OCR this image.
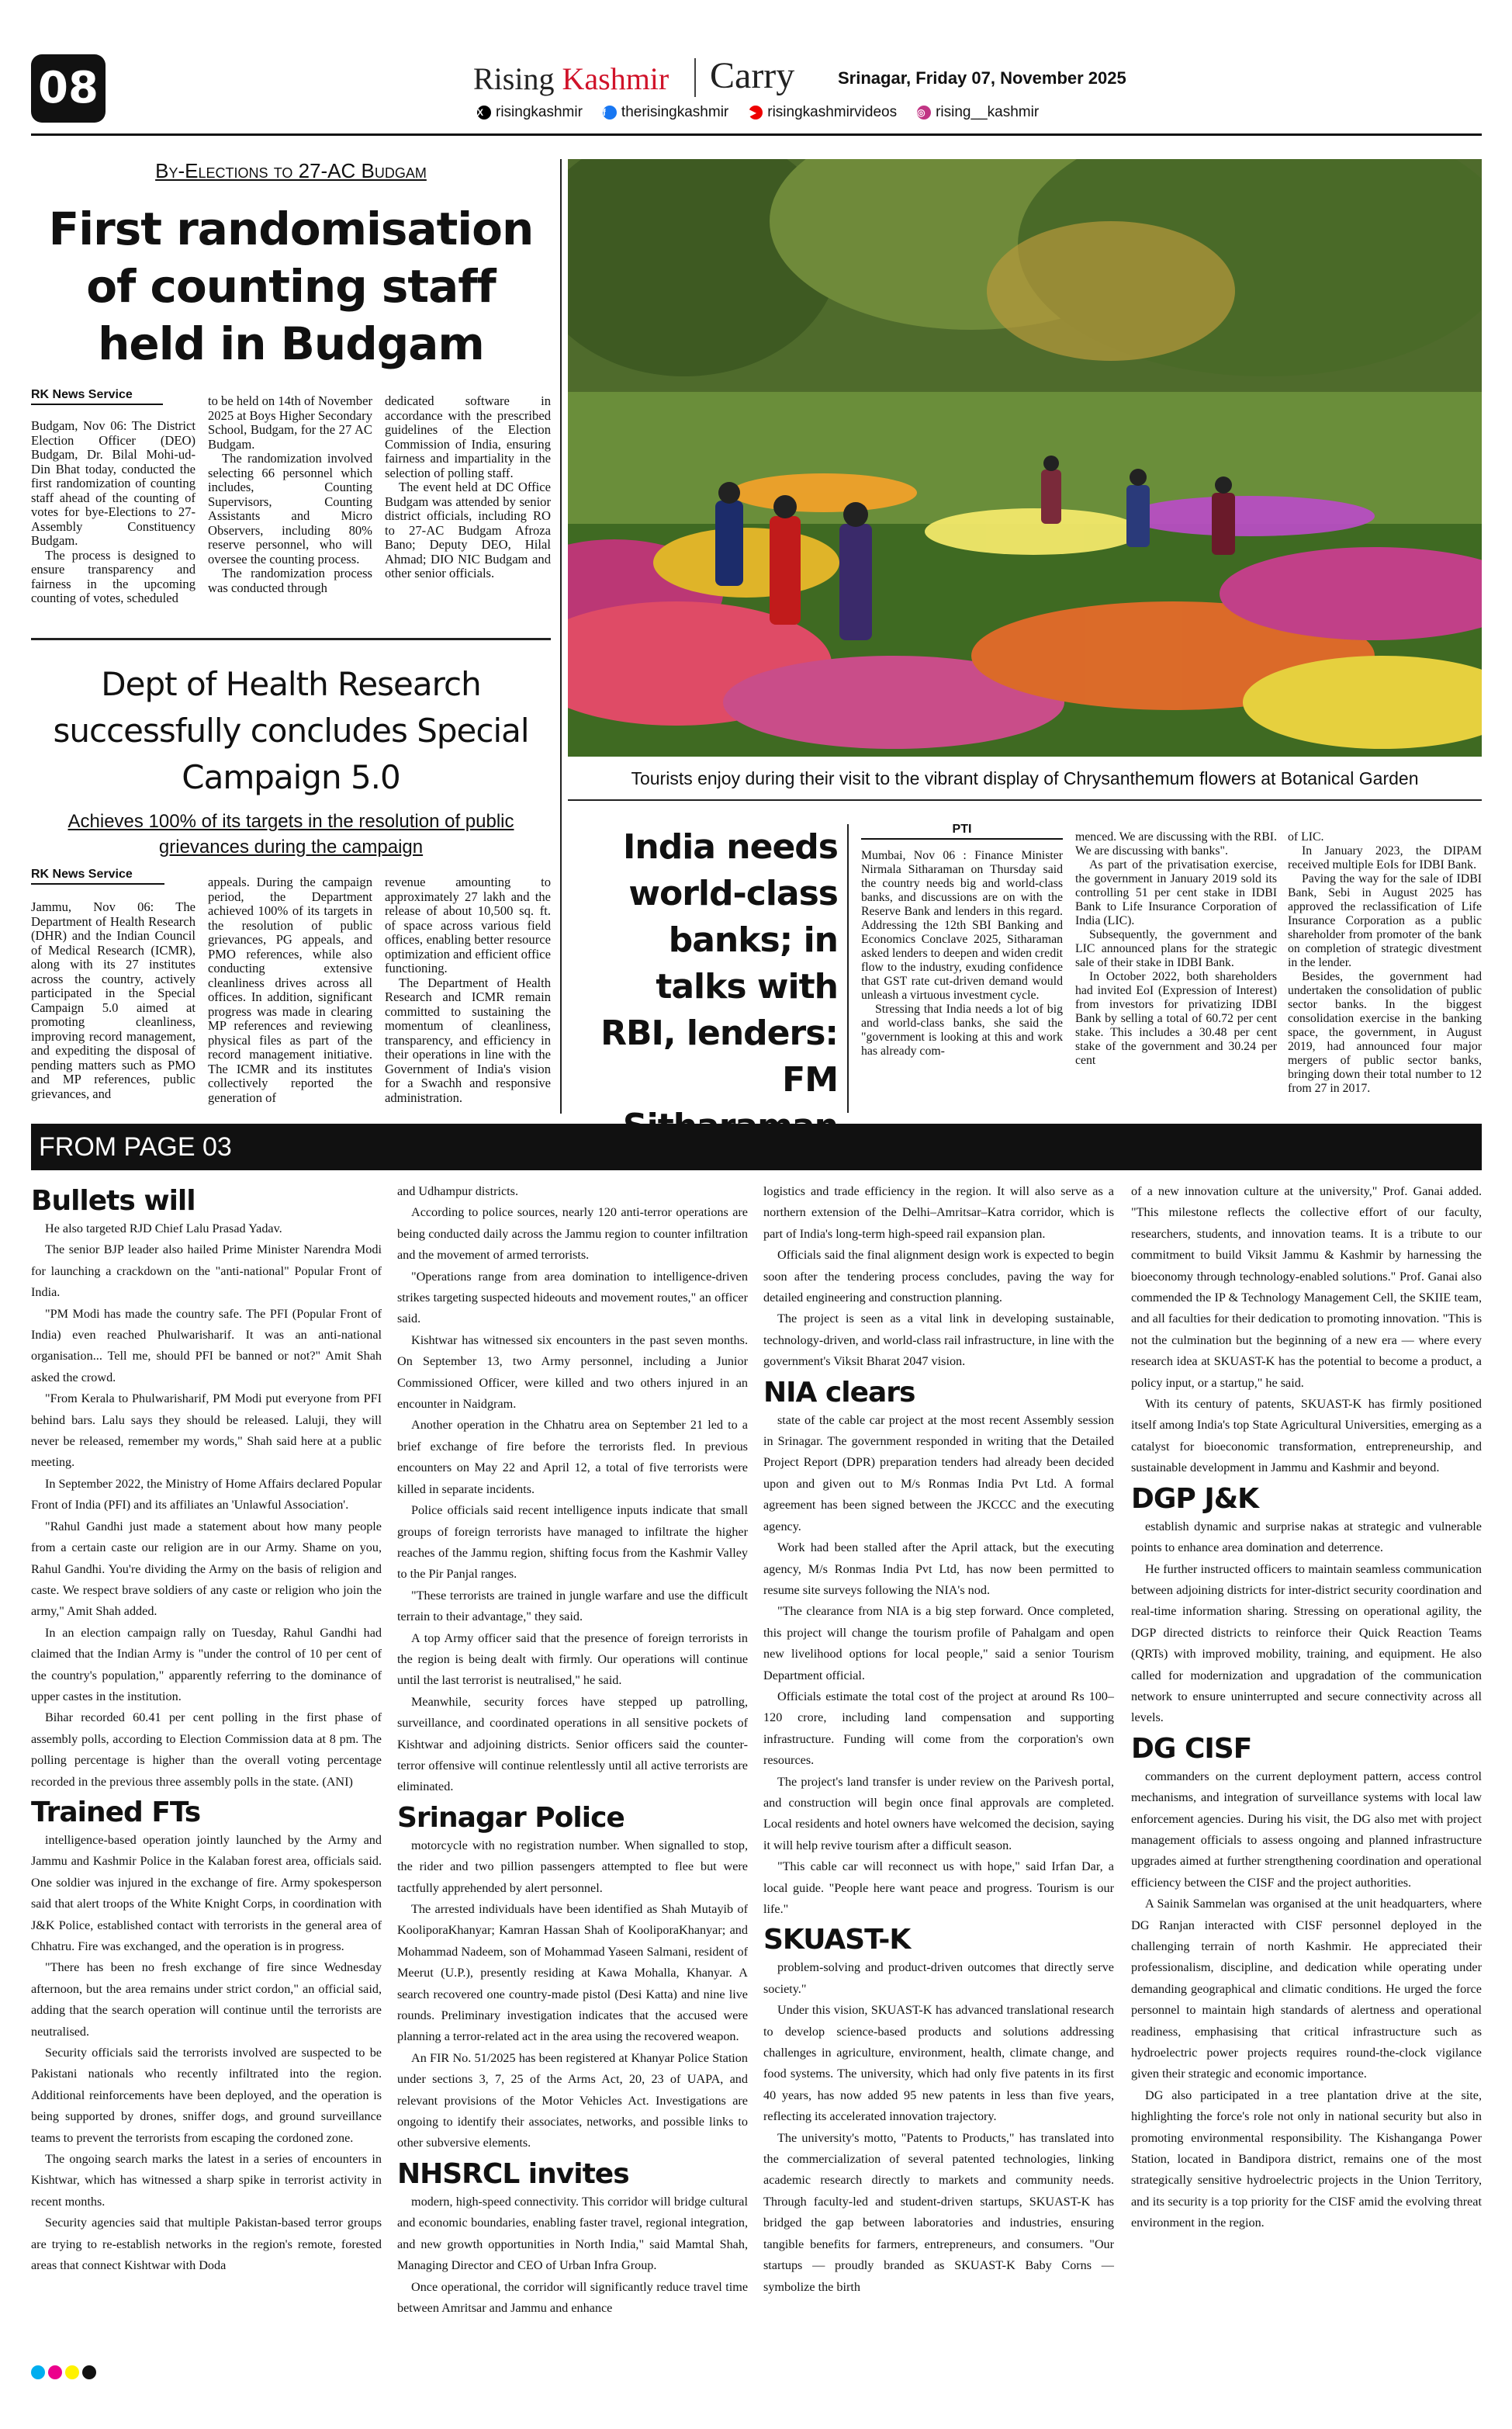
08	Rising Kashmir Carry	Srinagar, Friday 07, November 2025
X risingkashmir f	therisingkashmir ▶ risingkashmirvideos ◎ rising__kashmir
By-Elections to 27-AC Budgam
First randomisation of counting staff held in Budgam
RK News Service

Budgam, Nov 06: The District Election Officer (DEO) Budgam, Dr. Bilal Mohi-ud-Din Bhat today, conducted the first randomization of counting staff ahead of the counting of votes for bye-Elections to 27- Assembly Constituency Budgam.

The process is designed to ensure transparency and fairness in the upcoming counting of votes, scheduled

to be held on 14th of November 2025 at Boys Higher Secondary School, Budgam, for the 27 AC Budgam.

The randomization involved selecting 66 personnel which includes, Counting Supervisors, Counting Assistants and Micro Observers, including 80% reserve personnel, who will oversee the counting process.

The randomization process was conducted through

dedicated software in accordance with the prescribed guidelines of the Election Commission of India, ensuring fairness and impartiality in the selection of polling staff.

The event held at DC Office Budgam was attended by senior district officials, including RO to 27-AC Budgam Afroza Bano; Deputy DEO, Hilal Ahmad; DIO NIC Budgam and other senior officials.

Dept of Health Research successfully concludes Special Campaign 5.0
Achieves 100% of its targets in the resolution of public grievances during the campaign
RK News Service

Jammu, Nov 06: The Department of Health Research (DHR) and the Indian Council of Medical Research (ICMR), along with its 27 institutes across the country, actively participated in the Special Campaign 5.0 aimed at promoting cleanliness, improving record management, and expediting the disposal of pending matters such as PMO and MP references, public grievances, and

appeals. During the campaign period, the Department achieved 100% of its targets in the resolution of public grievances, PG appeals, and PMO references, while also conducting extensive cleanliness drives across all offices. In addition, significant progress was made in clearing MP references and reviewing physical files as part of the record management initiative. The ICMR and its institutes collectively reported the generation of

revenue amounting to approximately 27 lakh and the release of about 10,500 sq. ft. of space across various field offices, enabling better resource optimization and efficient office functioning.

The Department of Health Research and ICMR remain committed to sustaining the momentum of cleanliness, transparency, and efficiency in their operations in line with the Government of India's vision for a Swachh and responsive administration.

Tourists enjoy during their visit to the vibrant display of Chrysanthemum flowers at Botanical Garden
India needs world-class banks; in talks with RBI, lenders: FM
PTI

Mumbai, Nov 06 : Finance Minister Nirmala Sitharaman on Thursday said the country needs big and world-class banks, and discussions are on with the Reserve Bank and lenders in this regard. Addressing the 12th SBI Banking and Economics Conclave 2025, Sitharaman asked lenders to deepen and widen credit flow to the industry, exuding confidence that GST rate cut-driven demand would unleash a virtuous investment cycle.

Stressing that India needs a lot of big and world-class banks, she said the "government is looking at this and work has already com-

menced. We are discussing with the RBI. We are discussing with banks".

As part of the privatisation exercise, the government in January 2019 sold its controlling 51 per cent stake in IDBI Bank to Life Insurance Corporation of India (LIC).

Subsequently, the government and LIC announced plans for the strategic sale of their stake in IDBI Bank.

In October 2022, both shareholders had invited EoI (Expression of Interest) from investors for privatizing IDBI Bank by selling a total of 60.72 per cent stake. This includes a 30.48 per cent stake of the government and 30.24 per cent

of LIC.

In January 2023, the DIPAM received multiple EoIs for IDBI Bank.

Paving the way for the sale of IDBI Bank, Sebi in August 2025 has approved the reclassification of Life Insurance Corporation as a public shareholder from promoter of the bank on completion of strategic divestment in the lender.

Besides, the government had undertaken the consolidation of public sector banks. In the biggest consolidation exercise in the banking space, the government, in August 2019, had announced four major mergers of public sector banks, bringing down their total number to 12 from 27 in 2017.

FROM PAGE 03
Bullets will

He also targeted RJD Chief Lalu Prasad Yadav.

The senior BJP leader also hailed Prime Minister Narendra Modi for launching a crackdown on the "anti-national" Popular Front of India.

"PM Modi has made the country safe. The PFI (Popular Front of India) even reached Phulwarisharif. It was an anti-national organisation... Tell me, should PFI be banned or not?" Amit Shah asked the crowd.

"From Kerala to Phulwarisharif, PM Modi put everyone from PFI behind bars. Lalu says they should be released. Laluji, they will never be released, remember my words," Shah said here at a public meeting.

In September 2022, the Ministry of Home Affairs declared Popular Front of India (PFI) and its affiliates an 'Unlawful Association'.

"Rahul Gandhi just made a statement about how many people from a certain caste our religion are in our Army. Shame on you, Rahul Gandhi. You're dividing the Army on the basis of religion and caste. We respect brave soldiers of any caste or religion who join the army," Amit Shah added.

In an election campaign rally on Tuesday, Rahul Gandhi had claimed that the Indian Army is "under the control of 10 per cent of the country's population," apparently referring to the dominance of upper castes in the institution.

Bihar recorded 60.41 per cent polling in the first phase of assembly polls, according to Election Commission data at 8 pm. The polling percentage is higher than the overall voting percentage recorded in the previous three assembly polls in the state. (ANI)

Trained FTs

intelligence-based operation jointly launched by the Army and Jammu and Kashmir Police in the Kalaban forest area, officials said. One soldier was injured in the exchange of fire. Army spokesperson said that alert troops of the White Knight Corps, in coordination with J&K Police, established contact with terrorists in the general area of Chhatru. Fire was exchanged, and the operation is in progress.

"There has been no fresh exchange of fire since Wednesday afternoon, but the area remains under strict cordon," an official said, adding that the search operation will continue until the terrorists are neutralised.

Security officials said the terrorists involved are suspected to be Pakistani nationals who recently infiltrated into the region. Additional reinforcements have been deployed, and the operation is being supported by drones, sniffer dogs, and ground surveillance teams to prevent the terrorists from escaping the cordoned zone.

The ongoing search marks the latest in a series of encounters in Kishtwar, which has witnessed a sharp spike in terrorist activity in recent months.

Security agencies said that multiple Pakistan-based terror groups are trying to re-establish networks in the region's remote, forested areas that connect Kishtwar with Doda

and Udhampur districts.

According to police sources, nearly 120 anti-terror operations are being conducted daily across the Jammu region to counter infiltration and the movement of armed terrorists.

"Operations range from area domination to intelligence-driven strikes targeting suspected hideouts and movement routes," an officer said.

Kishtwar has witnessed six encounters in the past seven months. On September 13, two Army personnel, including a Junior Commissioned Officer, were killed and two others injured in an encounter in Naidgram.

Another operation in the Chhatru area on September 21 led to a brief exchange of fire before the terrorists fled. In previous encounters on May 22 and April 12, a total of five terrorists were killed in separate incidents.

Police officials said recent intelligence inputs indicate that small groups of foreign terrorists have managed to infiltrate the higher reaches of the Jammu region, shifting focus from the Kashmir Valley to the Pir Panjal ranges.

"These terrorists are trained in jungle warfare and use the difficult terrain to their advantage," they said.

A top Army officer said that the presence of foreign terrorists in the region is being dealt with firmly. Our operations will continue until the last terrorist is neutralised," he said.

Meanwhile, security forces have stepped up patrolling, surveillance, and coordinated operations in all sensitive pockets of Kishtwar and adjoining districts. Senior officers said the counter-terror offensive will continue relentlessly until all active terrorists are eliminated.

Srinagar Police

motorcycle with no registration number. When signalled to stop, the rider and two pillion passengers attempted to flee but were tactfully apprehended by alert personnel.

The arrested individuals have been identified as Shah Mutayib of KooliporaKhanyar; Kamran Hassan Shah of KooliporaKhanyar; and Mohammad Nadeem, son of Mohammad Yaseen Salmani, resident of Meerut (U.P.), presently residing at Kawa Mohalla, Khanyar. A search recovered one country-made pistol (Desi Katta) and nine live rounds. Preliminary investigation indicates that the accused were planning a terror-related act in the area using the recovered weapon.

An FIR No. 51/2025 has been registered at Khanyar Police Station under sections 3, 7, 25 of the Arms Act, 20, 23 of UAPA, and relevant provisions of the Motor Vehicles Act. Investigations are ongoing to identify their associates, networks, and possible links to other subversive elements.

NHSRCL invites

modern, high-speed connectivity. This corridor will bridge cultural and economic boundaries, enabling faster travel, regional integration, and new growth opportunities in North India," said Mamtal Shah, Managing Director and CEO of Urban Infra Group.

Once operational, the corridor will significantly reduce travel time between Amritsar and Jammu and enhance

logistics and trade efficiency in the region. It will also serve as a northern extension of the Delhi–Amritsar–Katra corridor, which is part of India's long-term high-speed rail expansion plan.

Officials said the final alignment design work is expected to begin soon after the tendering process concludes, paving the way for detailed engineering and construction planning.

The project is seen as a vital link in developing sustainable, technology-driven, and world-class rail infrastructure, in line with the government's Viksit Bharat 2047 vision.

NIA clears

state of the cable car project at the most recent Assembly session in Srinagar. The government responded in writing that the Detailed Project Report (DPR) preparation tenders had already been decided upon and given out to M/s Ronmas India Pvt Ltd. A formal agreement has been signed between the JKCCC and the executing agency.

Work had been stalled after the April attack, but the executing agency, M/s Ronmas India Pvt Ltd, has now been permitted to resume site surveys following the NIA's nod.

"The clearance from NIA is a big step forward. Once completed, this project will change the tourism profile of Pahalgam and open new livelihood options for local people," said a senior Tourism Department official.

Officials estimate the total cost of the project at around Rs 100–120 crore, including land compensation and supporting infrastructure. Funding will come from the corporation's own resources.

The project's land transfer is under review on the Parivesh portal, and construction will begin once final approvals are completed. Local residents and hotel owners have welcomed the decision, saying it will help revive tourism after a difficult season.

"This cable car will reconnect us with hope," said Irfan Dar, a local guide. "People here want peace and progress. Tourism is our life."

SKUAST-K

problem-solving and product-driven outcomes that directly serve society."

Under this vision, SKUAST-K has advanced translational research to develop science-based products and solutions addressing challenges in agriculture, environment, health, climate change, and food systems. The university, which had only five patents in its first 40 years, has now added 95 new patents in less than five years, reflecting its accelerated innovation trajectory.

The university's motto, "Patents to Products," has translated into the commercialization of several patented technologies, linking academic research directly to markets and community needs. Through faculty-led and student-driven startups, SKUAST-K has bridged the gap between laboratories and industries, ensuring tangible benefits for farmers, entrepreneurs, and consumers. "Our startups — proudly branded as SKUAST-K Baby Corns — symbolize the birth

of a new innovation culture at the university," Prof. Ganai added. "This milestone reflects the collective effort of our faculty, researchers, students, and innovation teams. It is a tribute to our commitment to build Viksit Jammu & Kashmir by harnessing the bioeconomy through technology-enabled solutions." Prof. Ganai also commended the IP & Technology Management Cell, the SKIIE team, and all faculties for their dedication to promoting innovation. "This is not the culmination but the beginning of a new era — where every research idea at SKUAST-K has the potential to become a product, a policy input, or a startup," he said.

With its century of patents, SKUAST-K has firmly positioned itself among India's top State Agricultural Universities, emerging as a catalyst for bioeconomic transformation, entrepreneurship, and sustainable development in Jammu and Kashmir and beyond.

DGP J&K

establish dynamic and surprise nakas at strategic and vulnerable points to enhance area domination and deterrence.

He further instructed officers to maintain seamless communication between adjoining districts for inter-district security coordination and real-time information sharing. Stressing on operational agility, the DGP directed districts to reinforce their Quick Reaction Teams (QRTs) with improved mobility, training, and equipment. He also called for modernization and upgradation of the communication network to ensure uninterrupted and secure connectivity across all levels.

DG CISF

commanders on the current deployment pattern, access control mechanisms, and integration of surveillance systems with local law enforcement agencies. During his visit, the DG also met with project management officials to assess ongoing and planned infrastructure upgrades aimed at further strengthening coordination and operational efficiency between the CISF and the project authorities.

A Sainik Sammelan was organised at the unit headquarters, where DG Ranjan interacted with CISF personnel deployed in the challenging terrain of north Kashmir. He appreciated their professionalism, discipline, and dedication while operating under demanding geographical and climatic conditions. He urged the force personnel to maintain high standards of alertness and operational readiness, emphasising that critical infrastructure such as hydroelectric power projects requires round-the-clock vigilance given their strategic and economic importance.

DG also participated in a tree plantation drive at the site, highlighting the force's role not only in national security but also in promoting environmental responsibility. The Kishanganga Power Station, located in Bandipora district, remains one of the most strategically sensitive hydroelectric projects in the Union Territory, and its security is a top priority for the CISF amid the evolving threat environment in the region.
